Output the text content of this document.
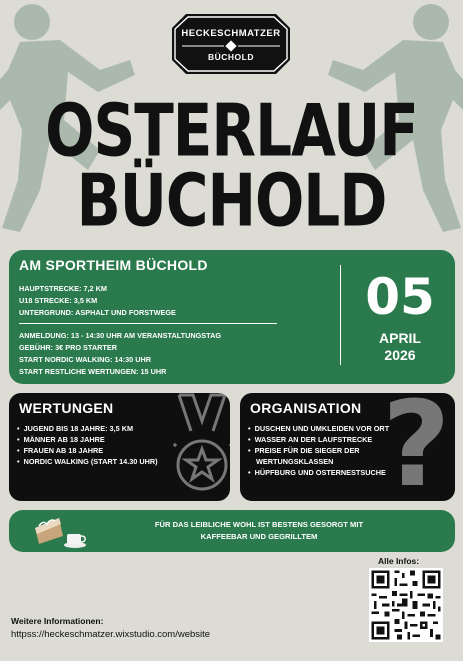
HECKESCHMATZER
BÜCHOLD
OSTERLAUF
BÜCHOLD
AM SPORTHEIM BÜCHOLD
HAUPTSTRECKE: 7,2 KM
U18 STRECKE: 3,5 KM
UNTERGRUND: ASPHALT UND FORSTWEGE
ANMELDUNG: 13 - 14:30 UHR AM VERANSTALTUNGSTAG
GEBÜHR: 3€ PRO STARTER
START NORDIC WALKING: 14:30 UHR
START RESTLICHE WERTUNGEN: 15 UHR
05
APRIL
2026
WERTUNGEN
• JUGEND BIS 18 JAHRE: 3,5 KM
• MÄNNER AB 18 JAHRE
• FRAUEN AB 18 JAHRE
• NORDIC WALKING (START 14.30 UHR) ?
ORGANISATION
• DUSCHEN UND UMKLEIDEN VOR ORT
• WASSER AN DER LAUFSTRECKE
• PREISE FÜR DIE SIEGER DER
WERTUNGSKLASSEN
• HÜPFBURG UND OSTERNESTSUCHE
FÜR DAS LEIBLICHE WOHL IST BESTENS GESORGT MIT
KAFFEEBAR UND GEGRILLTEM
Alle Infos:
Weitere Informationen:
httpss://heckeschmatzer.wixstudio.com/website
